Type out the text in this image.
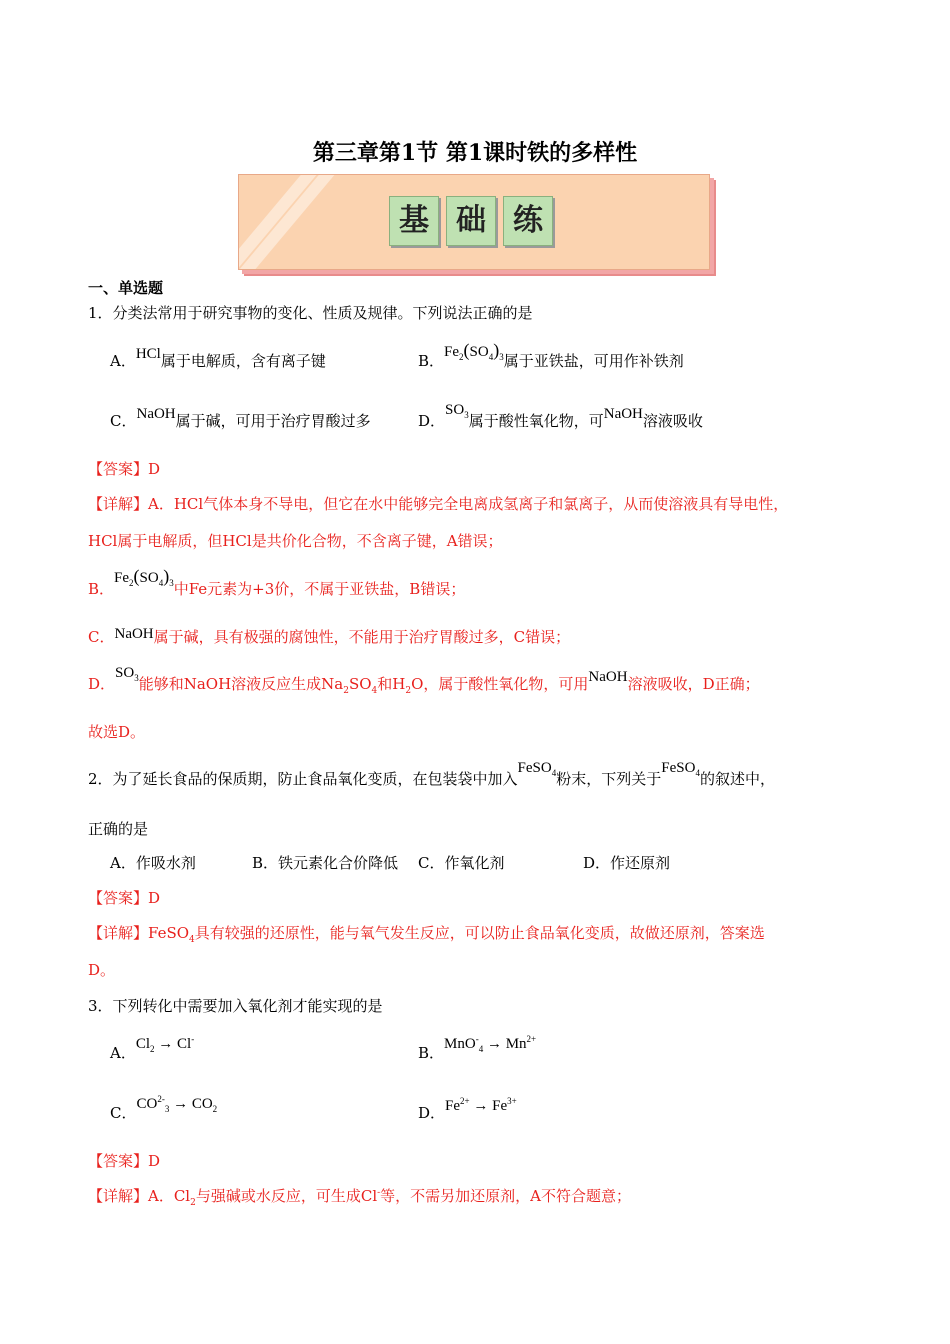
第三章第1节 第1课时铁的多样性
基 础 练
一、单选题
1．分类法常用于研究事物的变化、性质及规律。下列说法正确的是
A．HCl属于电解质，含有离子键	B．$Fe_2(SO_4)_3$属于亚铁盐，可用作补铁剂
C．NaOH属于碱，可用于治疗胃酸过多	D．$SO_3$属于酸性氧化物，可NaOH溶液吸收
【答案】D
【详解】A．HCl气体本身不导电，但它在水中能够完全电离成氢离子和氯离子，从而使溶液具有导电性，
HCl属于电解质，但HCl是共价化合物，不含离子键，A错误；
B．$Fe_2(SO_4)_3$中Fe元素为+3价，不属于亚铁盐，B错误；
C．NaOH属于碱，具有极强的腐蚀性，不能用于治疗胃酸过多，C错误；
D．$SO_3$能够和NaOH溶液反应生成$Na_2SO_4$和$H_2O$，属于酸性氧化物，可用NaOH溶液吸收，D正确；
故选D。
2．为了延长食品的保质期，防止食品氧化变质，在包装袋中加入FeSO$_4$粉末，下列关于FeSO$_4$的叙述中，
正确的是
A．作吸水剂	B．铁元素化合价降低 C．作氧化剂	D．作还原剂
【答案】D
【详解】FeSO$_4$具有较强的还原性，能与氧气发生反应，可以防止食品氧化变质，故做还原剂，答案选
D。
3．下列转化中需要加入氧化剂才能实现的是
A．$Cl_2 \to Cl^-$
B．$MnO^-_4 \to Mn^{2+}$
C．$CO^{2-}_3 \to CO_2$	D．$Fe^{2+} \to Fe^{3+}$
【答案】D
【详解】A．$Cl_2$与强碱或水反应，可生成Cl-等，不需另加还原剂，A不符合题意；
